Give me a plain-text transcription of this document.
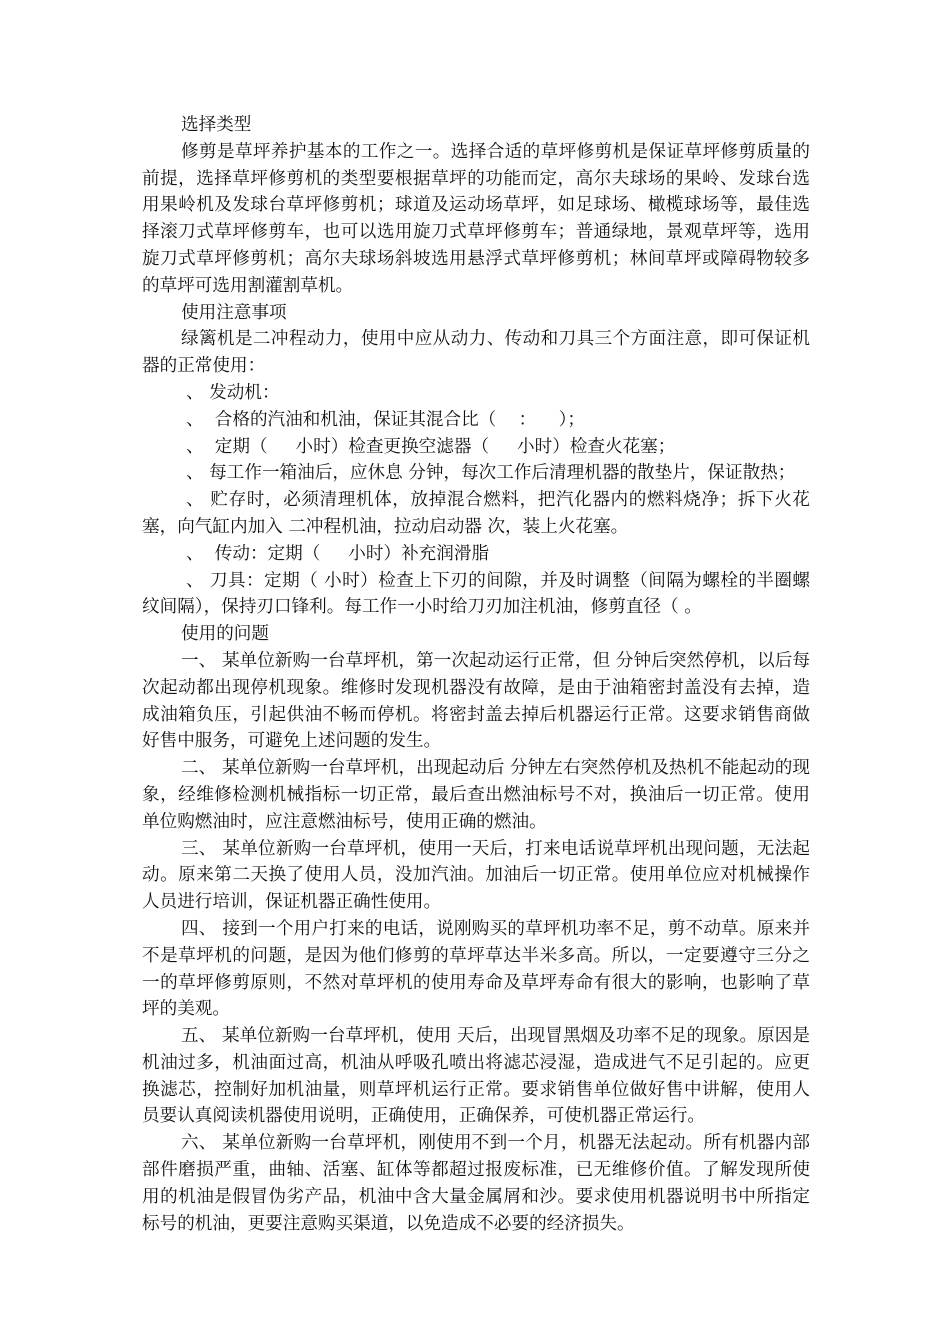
选择类型

修剪是草坪养护基本的工作之一。选择合适的草坪修剪机是保证草坪修剪质量的前提，选择草坪修剪机的类型要根据草坪的功能而定，高尔夫球场的果岭、发球台选用果岭机及发球台草坪修剪机；球道及运动场草坪，如足球场、橄榄球场等，最佳选择滚刀式草坪修剪车，也可以选用旋刀式草坪修剪车；普通绿地，景观草坪等，选用旋刀式草坪修剪机；高尔夫球场斜坡选用悬浮式草坪修剪机；林间草坪或障碍物较多的草坪可选用割灌割草机。

使用注意事项

绿篱机是二冲程动力，使用中应从动力、传动和刀具三个方面注意，即可保证机器的正常使用：

、 发动机：

、  合格的汽油和机油，保证其混合比（    ：    ）；

、  定期（     小时）检查更换空滤器（     小时）检查火花塞；

、 每工作一箱油后，应休息 分钟，每次工作后清理机器的散垫片，保证散热；

、 贮存时，必须清理机体，放掉混合燃料，把汽化器内的燃料烧净；拆下火花塞，向气缸内加入 二冲程机油，拉动启动器 次，装上火花塞。

、  传动：定期（     小时）补充润滑脂

、 刀具：定期（ 小时）检查上下刃的间隙，并及时调整（间隔为螺栓的半圈螺纹间隔），保持刃口锋利。每工作一小时给刀刃加注机油，修剪直径（ 。

使用的问题

一、 某单位新购一台草坪机，第一次起动运行正常，但 分钟后突然停机，以后每次起动都出现停机现象。维修时发现机器没有故障，是由于油箱密封盖没有去掉，造成油箱负压，引起供油不畅而停机。将密封盖去掉后机器运行正常。这要求销售商做好售中服务，可避免上述问题的发生。

二、 某单位新购一台草坪机，出现起动后 分钟左右突然停机及热机不能起动的现象，经维修检测机械指标一切正常，最后查出燃油标号不对，换油后一切正常。使用单位购燃油时，应注意燃油标号，使用正确的燃油。

三、 某单位新购一台草坪机，使用一天后，打来电话说草坪机出现问题，无法起动。原来第二天换了使用人员，没加汽油。加油后一切正常。使用单位应对机械操作人员进行培训，保证机器正确性使用。

四、 接到一个用户打来的电话，说刚购买的草坪机功率不足，剪不动草。原来并不是草坪机的问题，是因为他们修剪的草坪草达半米多高。所以，一定要遵守三分之一的草坪修剪原则，不然对草坪机的使用寿命及草坪寿命有很大的影响，也影响了草坪的美观。

五、 某单位新购一台草坪机，使用 天后，出现冒黑烟及功率不足的现象。原因是机油过多，机油面过高，机油从呼吸孔喷出将滤芯浸湿，造成进气不足引起的。应更换滤芯，控制好加机油量，则草坪机运行正常。要求销售单位做好售中讲解，使用人员要认真阅读机器使用说明，正确使用，正确保养，可使机器正常运行。

六、 某单位新购一台草坪机，刚使用不到一个月，机器无法起动。所有机器内部部件磨损严重，曲轴、活塞、缸体等都超过报废标准，已无维修价值。了解发现所使用的机油是假冒伪劣产品，机油中含大量金属屑和沙。要求使用机器说明书中所指定标号的机油，更要注意购买渠道，以免造成不必要的经济损失。
